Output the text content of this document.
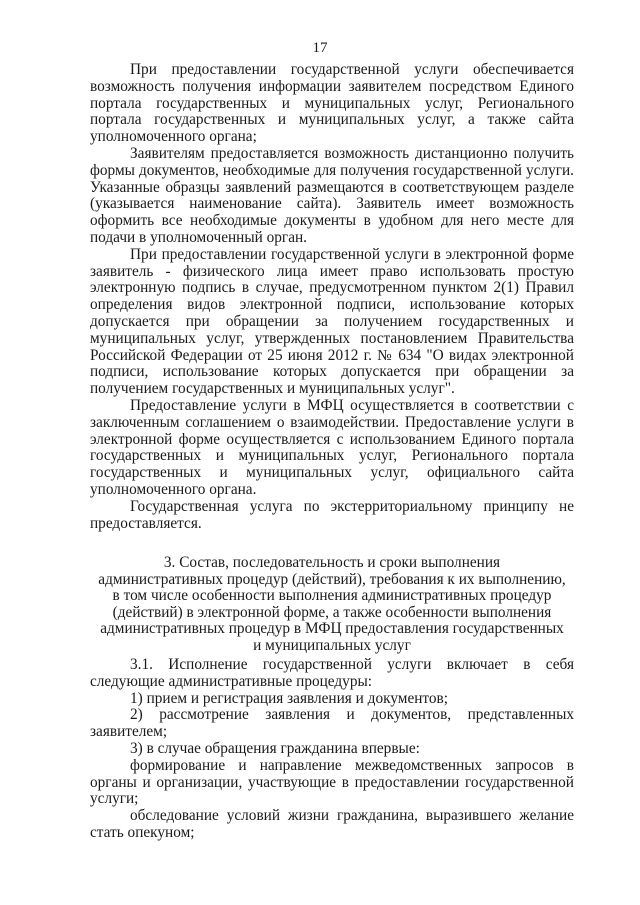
17

При предоставлении государственной услуги обеспечивается возможность получения информации заявителем посредством Единого портала государственных и муниципальных услуг, Регионального портала государственных и муниципальных услуг, а также сайта уполномоченного органа;

Заявителям предоставляется возможность дистанционно получить формы документов, необходимые для получения государственной услуги. Указанные образцы заявлений размещаются в соответствующем разделе (указывается наименование сайта). Заявитель имеет возможность оформить все необходимые документы в удобном для него месте для подачи в уполномоченный орган.

При предоставлении государственной услуги в электронной форме заявитель - физического лица имеет право использовать простую электронную подпись в случае, предусмотренном пунктом 2(1) Правил определения видов электронной подписи, использование которых допускается при обращении за получением государственных и муниципальных услуг, утвержденных постановлением Правительства Российской Федерации от 25 июня 2012 г. № 634 "О видах электронной подписи, использование которых допускается при обращении за получением государственных и муниципальных услуг".

Предоставление услуги в МФЦ осуществляется в соответствии с заключенным соглашением о взаимодействии. Предоставление услуги в электронной форме осуществляется с использованием Единого портала государственных и муниципальных услуг, Регионального портала государственных и муниципальных услуг, официального сайта уполномоченного органа.

Государственная услуга по экстерриториальному принципу не предоставляется.

3. Состав, последовательность и сроки выполнения
административных процедур (действий), требования к их выполнению,
в том числе особенности выполнения административных процедур
(действий) в электронной форме, а также особенности выполнения
административных процедур в МФЦ предоставления государственных
и муниципальных услуг

3.1. Исполнение государственной услуги включает в себя следующие административные процедуры:

1) прием и регистрация заявления и документов;

2) рассмотрение заявления и документов, представленных заявителем;

3) в случае обращения гражданина впервые:

формирование и направление межведомственных запросов в органы и организации, участвующие в предоставлении государственной услуги;

обследование условий жизни гражданина, выразившего желание стать опекуном;
